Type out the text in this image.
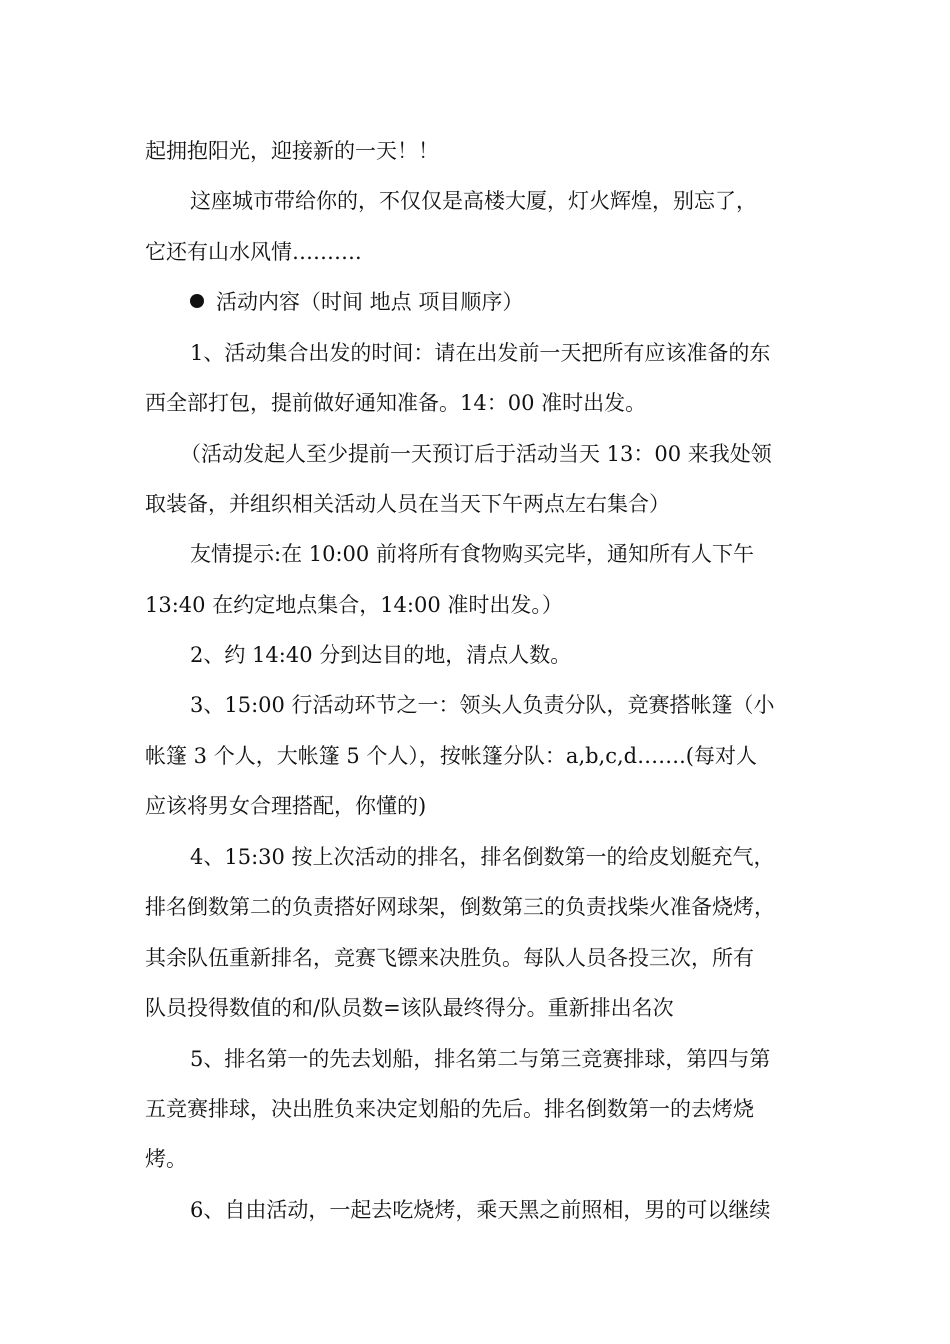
起拥抱阳光，迎接新的一天！！
这座城市带给你的，不仅仅是高楼大厦，灯火辉煌，别忘了，
它还有山水风情……….
活动内容（时间 地点 项目顺序）
1、活动集合出发的时间：请在出发前一天把所有应该准备的东
西全部打包，提前做好通知准备。14：00 准时出发。
（活动发起人至少提前一天预订后于活动当天 13：00 来我处领
取装备，并组织相关活动人员在当天下午两点左右集合）
友情提示:在 10:00 前将所有食物购买完毕，通知所有人下午
13:40 在约定地点集合，14:00 准时出发。）
2、约 14:40 分到达目的地，清点人数。
3、15:00 行活动环节之一：领头人负责分队，竞赛搭帐篷（小
帐篷 3 个人，大帐篷 5 个人），按帐篷分队：a,b,c,d…….(每对人
应该将男女合理搭配，你懂的)
4、15:30 按上次活动的排名，排名倒数第一的给皮划艇充气，
排名倒数第二的负责搭好网球架，倒数第三的负责找柴火准备烧烤，
其余队伍重新排名，竞赛飞镖来决胜负。每队人员各投三次，所有
队员投得数值的和/队员数=该队最终得分。重新排出名次
5、排名第一的先去划船，排名第二与第三竞赛排球，第四与第
五竞赛排球，决出胜负来决定划船的先后。排名倒数第一的去烤烧
烤。
6、自由活动，一起去吃烧烤，乘天黑之前照相，男的可以继续
